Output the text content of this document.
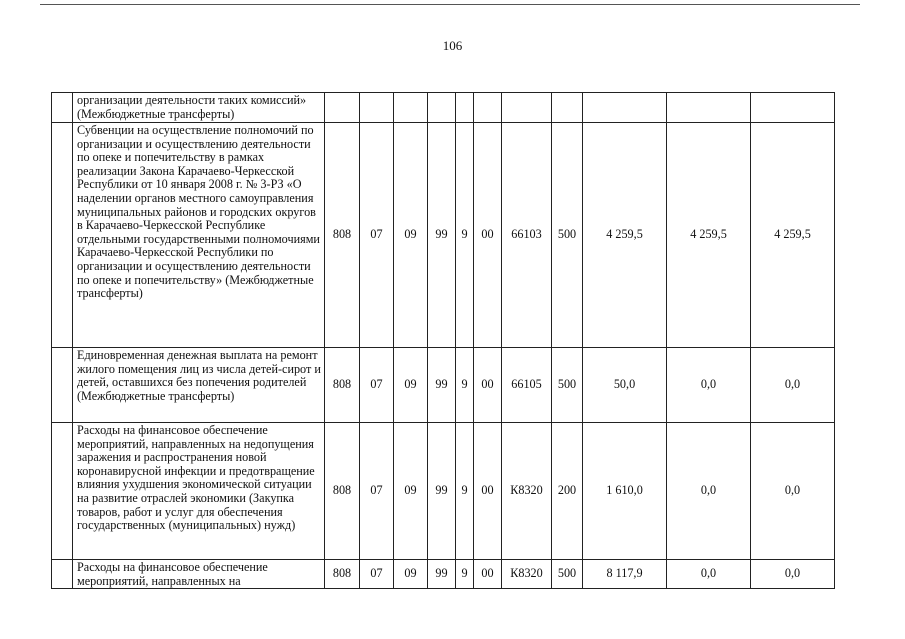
106
	организации деятельности таких комиссий» (Межбюджетные трансферты)											
	Субвенции на осуществление полномочий по организации и осуществлению деятельности по опеке и попечительству в рамках реализации Закона Карачаево-Черкесской Республики от 10 января 2008 г. № 3-РЗ «О наделении органов местного самоуправления муниципальных районов и городских округов в Карачаево-Черкесской Республике отдельными государственными полномочиями Карачаево-Черкесской Республики по организации и осуществлению деятельности по опеке и попечительству» (Межбюджетные трансферты)	808	07	09	99	9	00	66103	500	4 259,5	4 259,5	4 259,5
	Единовременная денежная выплата на ремонт жилого помещения лиц из числа детей-сирот и детей, оставшихся без попечения родителей (Межбюджетные трансферты)	808	07	09	99	9	00	66105	500	50,0	0,0	0,0
	Расходы на финансовое обеспечение мероприятий, направленных на недопущения заражения и распространения новой коронавирусной инфекции и предотвращение влияния ухудшения экономической ситуации на развитие отраслей экономики (Закупка товаров, работ и услуг для обеспечения государственных (муниципальных) нужд)	808	07	09	99	9	00	К8320	200	1 610,0	0,0	0,0
	Расходы на финансовое обеспечение мероприятий, направленных на	808	07	09	99	9	00	К8320	500	8 117,9	0,0	0,0
